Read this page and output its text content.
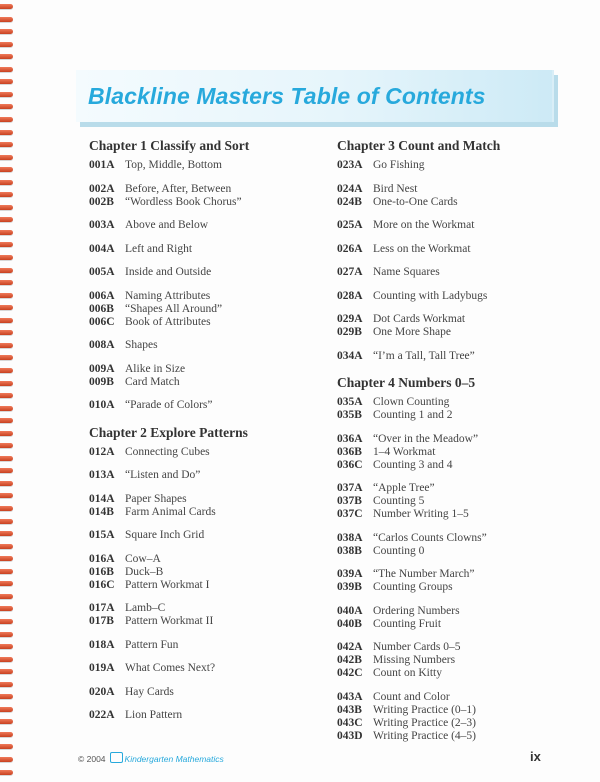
Blackline Masters Table of Contents
Chapter 1 Classify and Sort
001A Top, Middle, Bottom
002A Before, After, Between
002B “Wordless Book Chorus”
003A Above and Below
004A Left and Right
005A Inside and Outside
006A Naming Attributes
006B “Shapes All Around”
006C Book of Attributes
008A Shapes
009A Alike in Size
009B Card Match
010A “Parade of Colors”
Chapter 2 Explore Patterns
012A Connecting Cubes
013A “Listen and Do”
014A Paper Shapes
014B Farm Animal Cards
015A Square Inch Grid
016A Cow–A
016B Duck–B
016C Pattern Workmat I
017A Lamb–C
017B Pattern Workmat II
018A Pattern Fun
019A What Comes Next?
020A Hay Cards
022A Lion Pattern
Chapter 3 Count and Match
023A Go Fishing
024A Bird Nest
024B One-to-One Cards
025A More on the Workmat
026A Less on the Workmat
027A Name Squares
028A Counting with Ladybugs
029A Dot Cards Workmat
029B One More Shape
034A “I’m a Tall, Tall Tree”
Chapter 4 Numbers 0–5
035A Clown Counting
035B Counting 1 and 2
036A “Over in the Meadow”
036B 1–4 Workmat
036C Counting 3 and 4
037A “Apple Tree”
037B Counting 5
037C Number Writing 1–5
038A “Carlos Counts Clowns”
038B Counting 0
039A “The Number March”
039B Counting Groups
040A Ordering Numbers
040B Counting Fruit
042A Number Cards 0–5
042B Missing Numbers
042C Count on Kitty
043A Count and Color
043B Writing Practice (0–1)
043C Writing Practice (2–3)
043D Writing Practice (4–5)
© 2004 Kindergarten Mathematics	ix
